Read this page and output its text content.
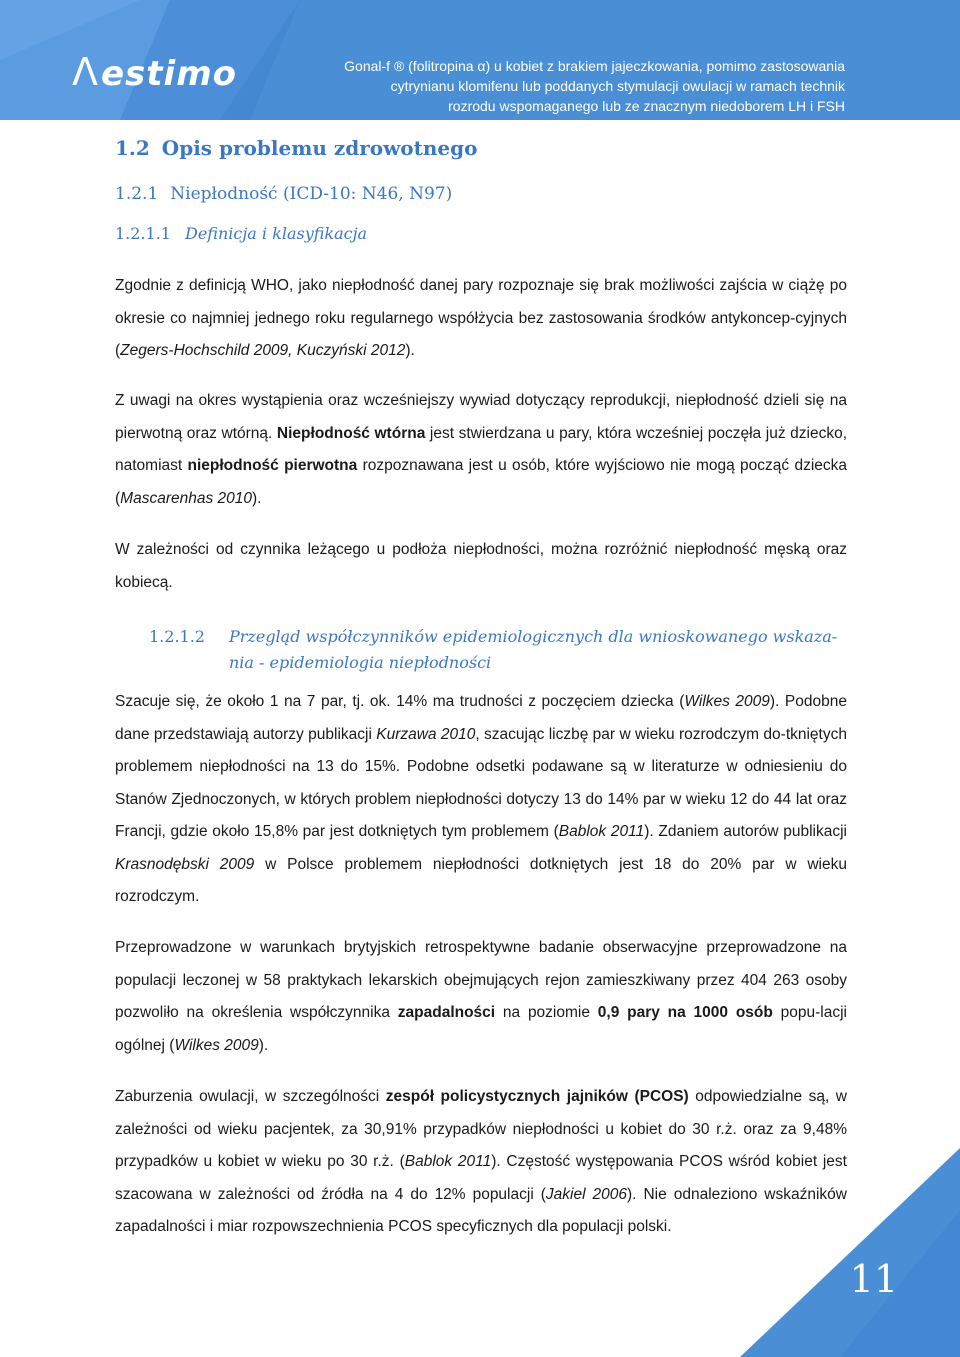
Λestimo	Gonal-f ® (folitropina α) u kobiet z brakiem jajeczkowania, pomimo zastosowania
cytrynianu klomifenu lub poddanych stymulacji owulacji w ramach technik
rozrodu wspomaganego lub ze znacznym niedoborem LH i FSH
1.2 Opis problemu zdrowotnego
1.2.1 Niepłodność (ICD-10: N46, N97)
1.2.1.1 Definicja i klasyfikacja
Zgodnie z definicją WHO, jako niepłodność danej pary rozpoznaje się brak możliwości zajścia w ciążę po okresie co najmniej jednego roku regularnego współżycia bez zastosowania środków antykoncep-cyjnych (Zegers-Hochschild 2009, Kuczyński 2012).
Z uwagi na okres wystąpienia oraz wcześniejszy wywiad dotyczący reprodukcji, niepłodność dzieli się na pierwotną oraz wtórną. Niepłodność wtórna jest stwierdzana u pary, która wcześniej poczęła już dziecko, natomiast niepłodność pierwotna rozpoznawana jest u osób, które wyjściowo nie mogą począć dziecka (Mascarenhas 2010).
W zależności od czynnika leżącego u podłoża niepłodności, można rozróżnić niepłodność męską oraz kobiecą.
1.2.1.2 Przegląd współczynników epidemiologicznych dla wnioskowanego wskaza-
nia - epidemiologia niepłodności
Szacuje się, że około 1 na 7 par, tj. ok. 14% ma trudności z poczęciem dziecka (Wilkes 2009). Podobne dane przedstawiają autorzy publikacji Kurzawa 2010, szacując liczbę par w wieku rozrodczym do-tkniętych problemem niepłodności na 13 do 15%. Podobne odsetki podawane są w literaturze w odniesieniu do Stanów Zjednoczonych, w których problem niepłodności dotyczy 13 do 14% par w wieku 12 do 44 lat oraz Francji, gdzie około 15,8% par jest dotkniętych tym problemem (Bablok 2011). Zdaniem autorów publikacji Krasnodębski 2009 w Polsce problemem niepłodności dotkniętych jest 18 do 20% par w wieku rozrodczym.
Przeprowadzone w warunkach brytyjskich retrospektywne badanie obserwacyjne przeprowadzone na populacji leczonej w 58 praktykach lekarskich obejmujących rejon zamieszkiwany przez 404 263 osoby pozwoliło na określenia współczynnika zapadalności na poziomie 0,9 pary na 1000 osób popu-lacji ogólnej (Wilkes 2009).
Zaburzenia owulacji, w szczególności zespół policystycznych jajników (PCOS) odpowiedzialne są, w zależności od wieku pacjentek, za 30,91% przypadków niepłodności u kobiet do 30 r.ż. oraz za 9,48% przypadków u kobiet w wieku po 30 r.ż. (Bablok 2011). Częstość występowania PCOS wśród kobiet jest szacowana w zależności od źródła na 4 do 12% populacji (Jakiel 2006). Nie odnaleziono wskaźników zapadalności i miar rozpowszechnienia PCOS specyficznych dla populacji polski.
11
